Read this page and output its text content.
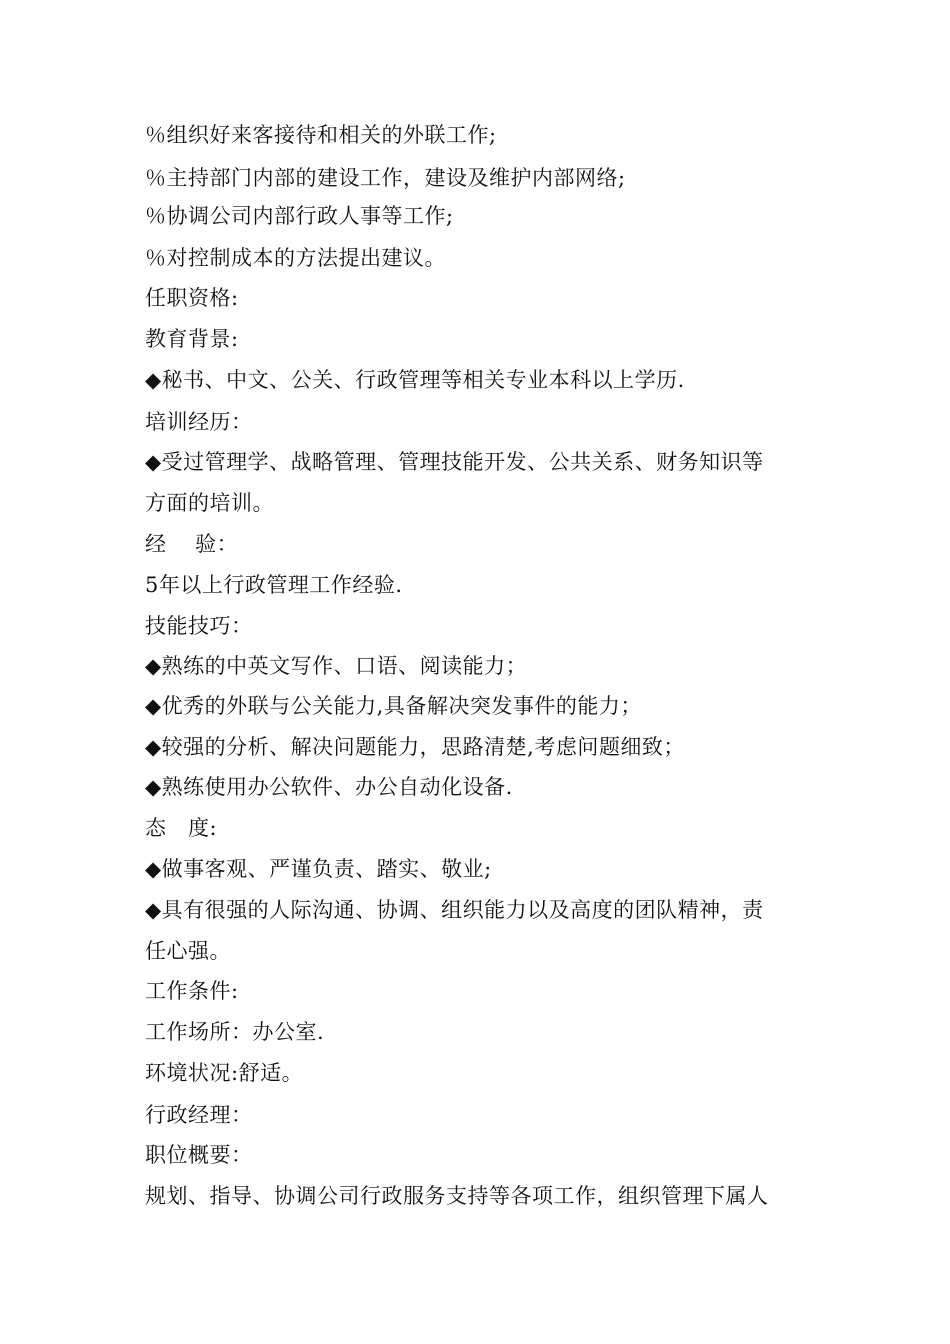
％组织好来客接待和相关的外联工作;
％主持部门内部的建设工作，建设及维护内部网络;
％协调公司内部行政人事等工作;
％对控制成本的方法提出建议。
任职资格:
教育背景:
◆秘书、中文、公关、行政管理等相关专业本科以上学历.
培训经历：
◆受过管理学、战略管理、管理技能开发、公共关系、财务知识等
方面的培训。
经　 验：
5年以上行政管理工作经验.
技能技巧：
◆熟练的中英文写作、口语、阅读能力；
◆优秀的外联与公关能力,具备解决突发事件的能力；
◆较强的分析、解决问题能力，思路清楚,考虑问题细致；
◆熟练使用办公软件、办公自动化设备.
态　度:
◆做事客观、严谨负责、踏实、敬业;
◆具有很强的人际沟通、协调、组织能力以及高度的团队精神，责
任心强。
工作条件:
工作场所：办公室.
环境状况:舒适。
行政经理：
职位概要：
规划、指导、协调公司行政服务支持等各项工作，组织管理下属人
